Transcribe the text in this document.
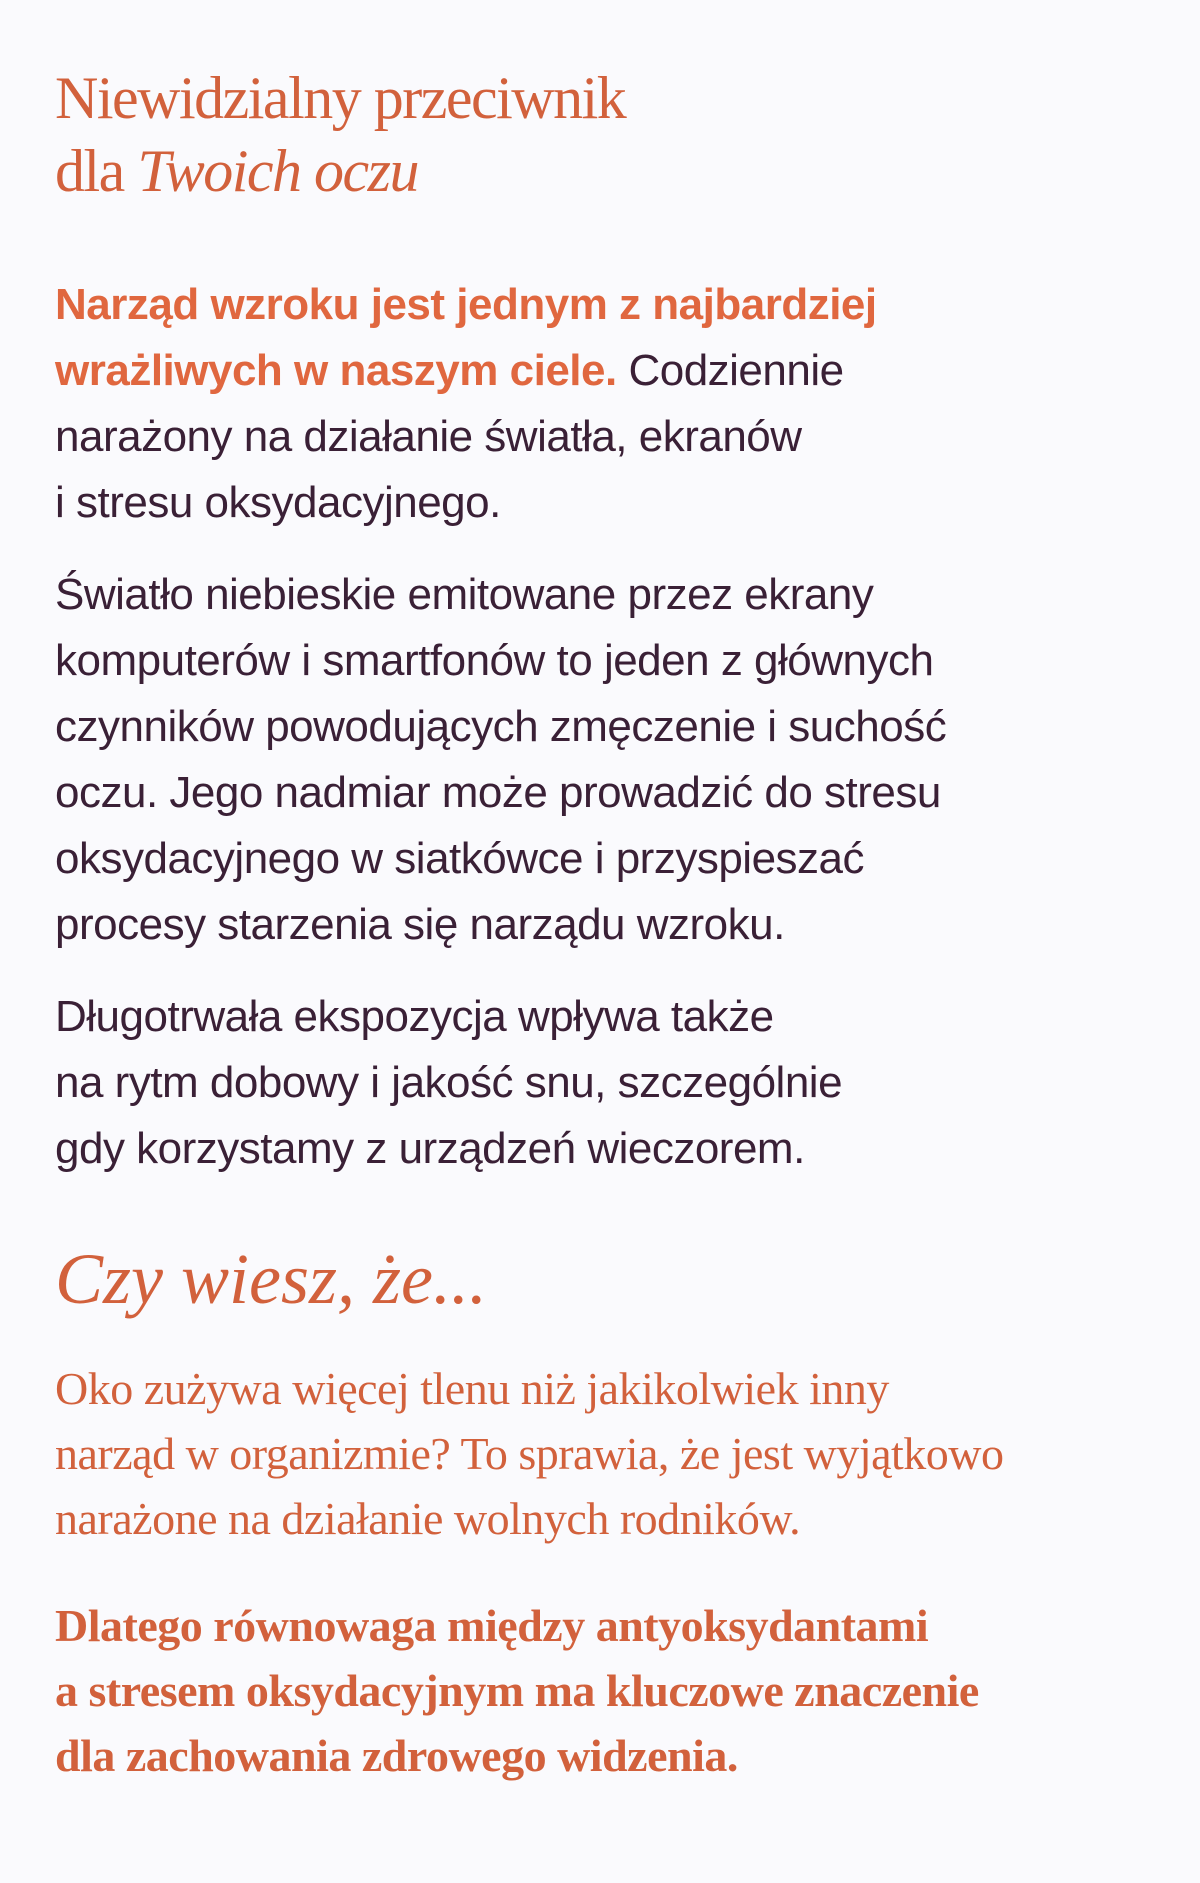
Niewidzialny przeciwnik
dla Twoich oczu
Narząd wzroku jest jednym z najbardziej
wrażliwych w naszym ciele. Codziennie
narażony na działanie światła, ekranów
i stresu oksydacyjnego.
Światło niebieskie emitowane przez ekrany
komputerów i smartfonów to jeden z głównych
czynników powodujących zmęczenie i suchość
oczu. Jego nadmiar może prowadzić do stresu
oksydacyjnego w siatkówce i przyspieszać
procesy starzenia się narządu wzroku.
Długotrwała ekspozycja wpływa także
na rytm dobowy i jakość snu, szczególnie
gdy korzystamy z urządzeń wieczorem.
Czy wiesz, że...
Oko zużywa więcej tlenu niż jakikolwiek inny
narząd w organizmie? To sprawia, że jest wyjątkowo
narażone na działanie wolnych rodników.
Dlatego równowaga między antyoksydantami
a stresem oksydacyjnym ma kluczowe znaczenie
dla zachowania zdrowego widzenia.
